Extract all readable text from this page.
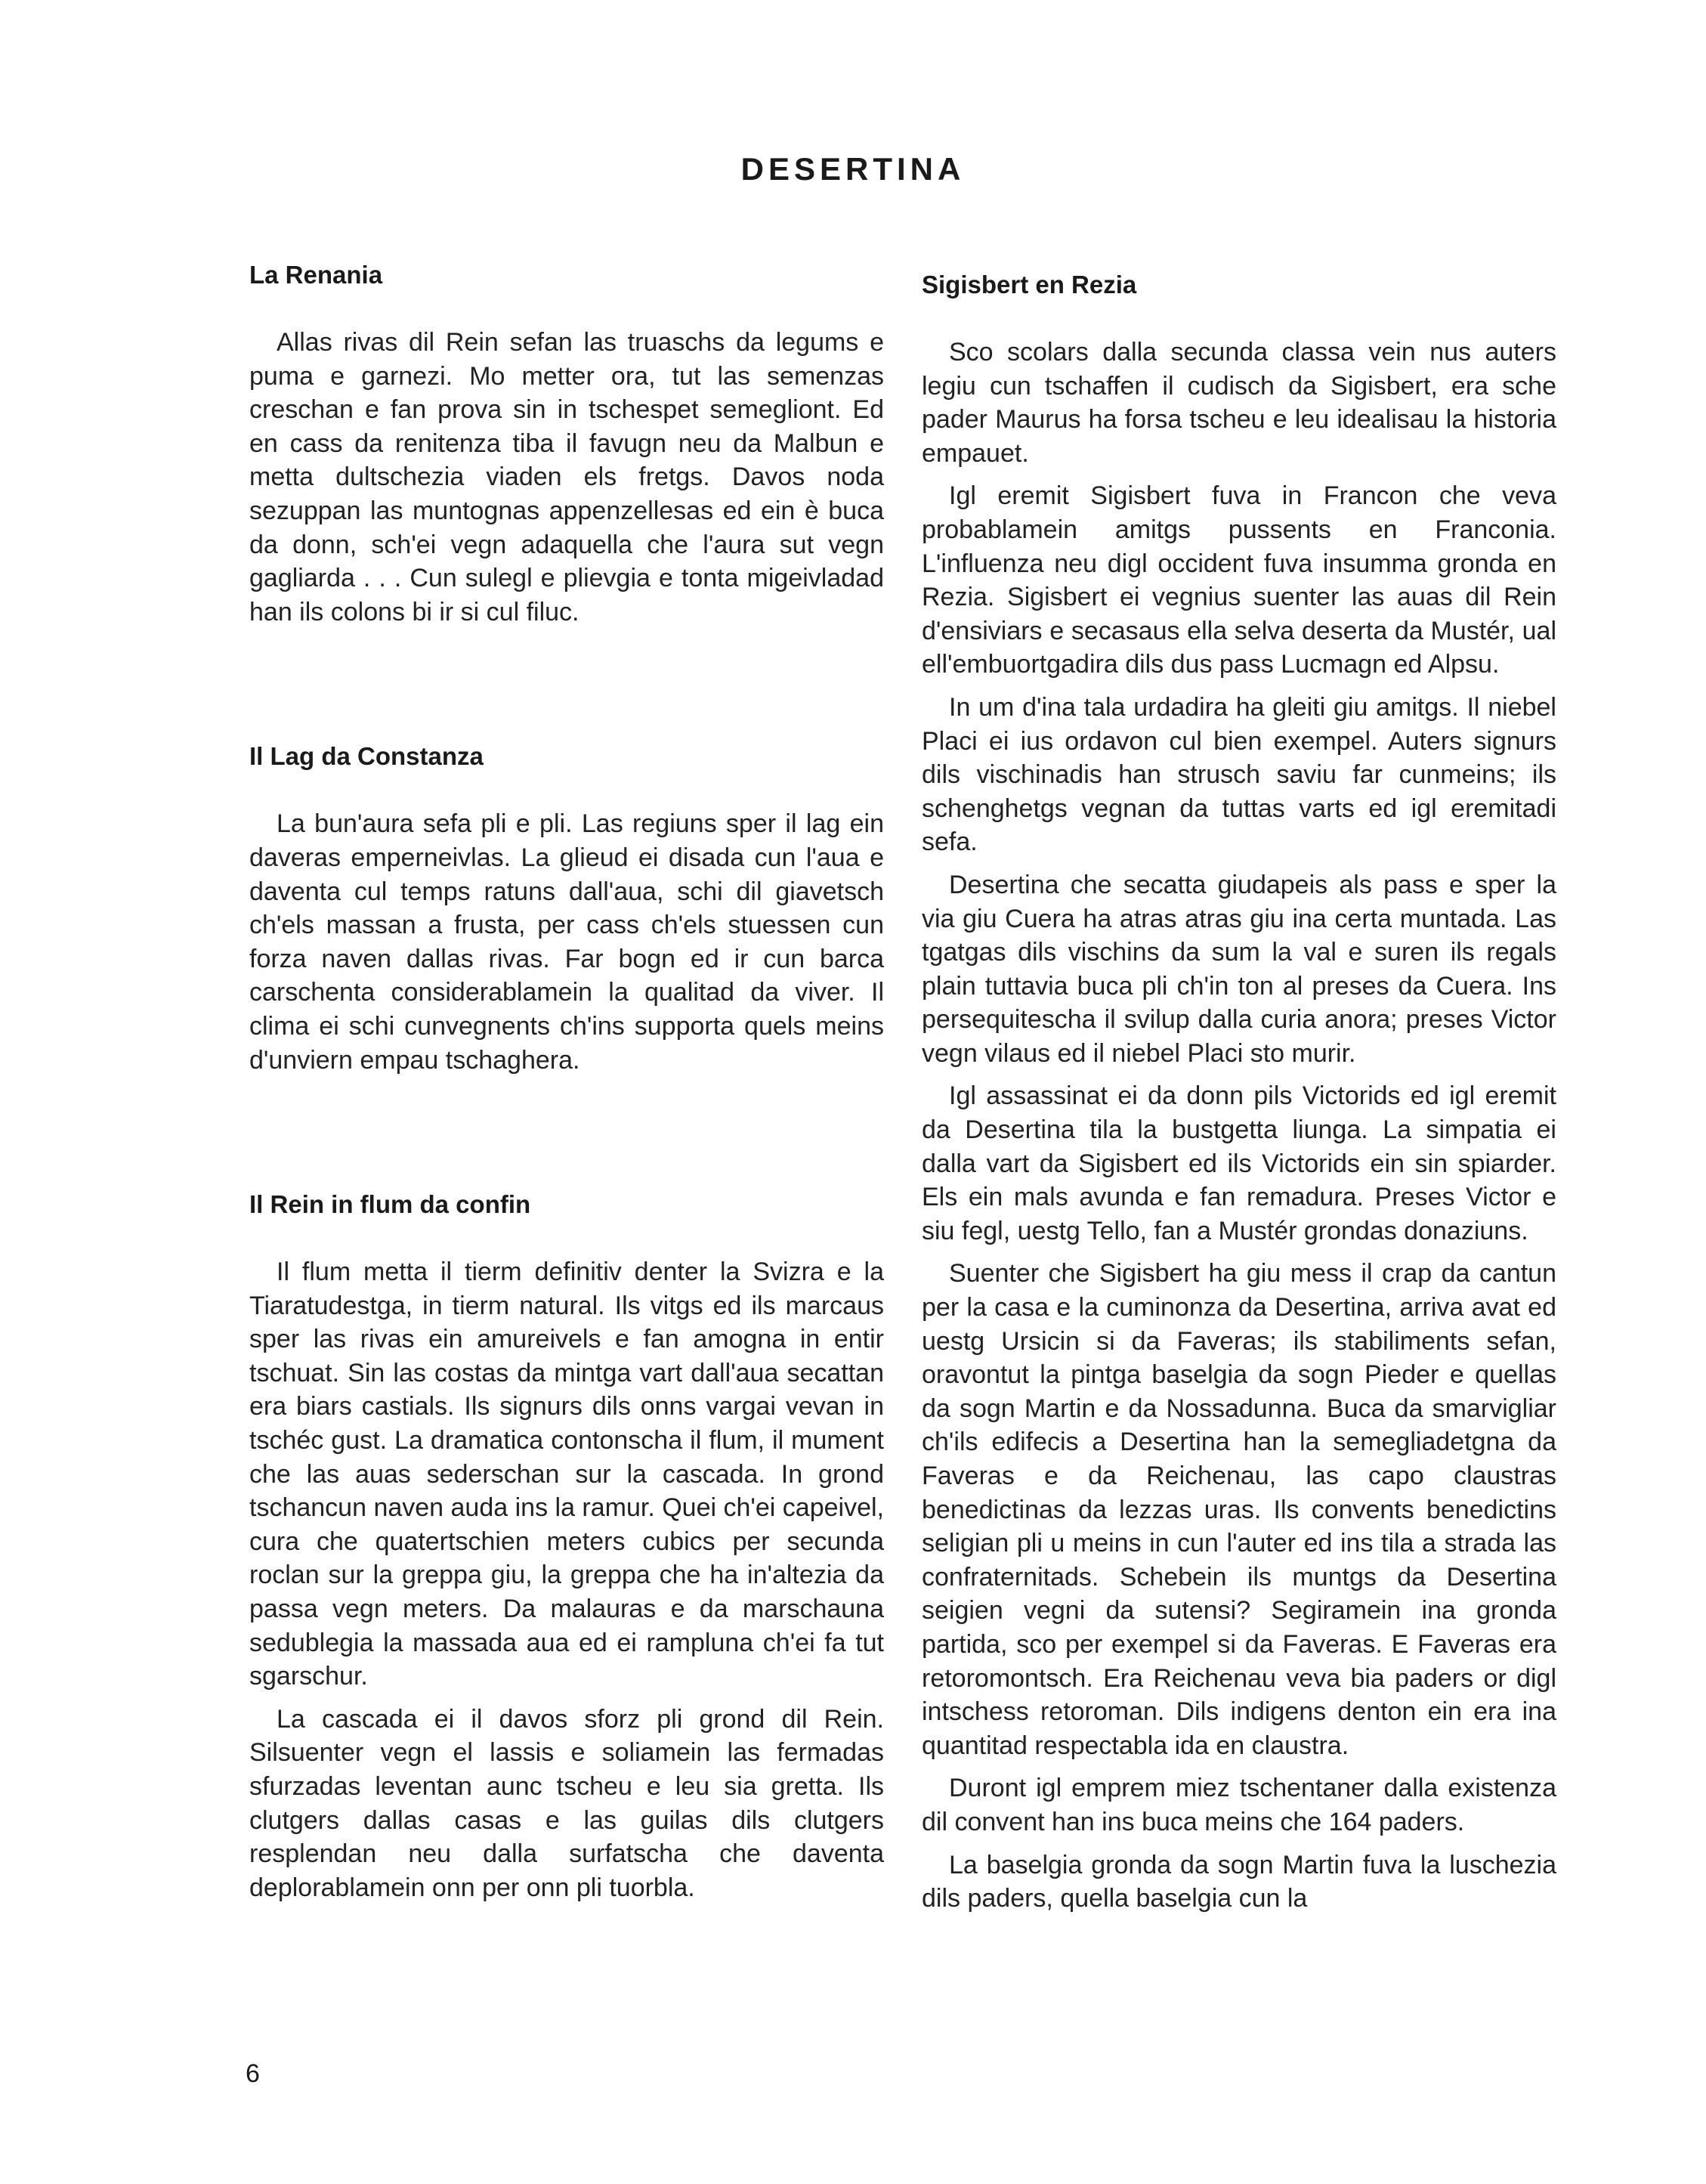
DESERTINA
La Renania

Allas rivas dil Rein sefan las truaschs da legums e puma e garnezi. Mo metter ora, tut las semenzas creschan e fan prova sin in tschespet semegliont. Ed en cass da renitenza tiba il favugn neu da Malbun e metta dultschezia viaden els fretgs. Davos noda sezuppan las muntognas appenzellesas ed ein è buca da donn, sch'ei vegn adaquella che l'aura sut vegn gagliarda . . . Cun sulegl e plievgia e tonta migeivladad han ils colons bi ir si cul filuc.

Il Lag da Constanza

La bun'aura sefa pli e pli. Las regiuns sper il lag ein daveras emperneivlas. La glieud ei disada cun l'aua e daventa cul temps ratuns dall'aua, schi dil giavetsch ch'els massan a frusta, per cass ch'els stuessen cun forza naven dallas rivas. Far bogn ed ir cun barca carschenta considerablamein la qualitad da viver. Il clima ei schi cunvegnents ch'ins supporta quels meins d'unviern empau tschaghera.

Il Rein in flum da confin

Il flum metta il tierm definitiv denter la Svizra e la Tiaratudestga, in tierm natural. Ils vitgs ed ils marcaus sper las rivas ein amureivels e fan amogna in entir tschuat. Sin las costas da mintga vart dall'aua secattan era biars castials. Ils signurs dils onns vargai vevan in tschéc gust. La dramatica contonscha il flum, il mument che las auas sederschan sur la cascada. In grond tschancun naven auda ins la ramur. Quei ch'ei capeivel, cura che quatertschien meters cubics per secunda roclan sur la greppa giu, la greppa che ha in'altezia da passa vegn meters. Da malauras e da marschauna sedublegia la massada aua ed ei rampluna ch'ei fa tut sgarschur.

La cascada ei il davos sforz pli grond dil Rein. Silsuenter vegn el lassis e soliamein las fermadas sfurzadas leventan aunc tscheu e leu sia gretta. Ils clutgers dallas casas e las guilas dils clutgers resplendan neu dalla surfatscha che daventa deplorablamein onn per onn pli tuorbla.

Sigisbert en Rezia

Sco scolars dalla secunda classa vein nus auters legiu cun tschaffen il cudisch da Sigisbert, era sche pader Maurus ha forsa tscheu e leu idealisau la historia empauet.

Igl eremit Sigisbert fuva in Francon che veva probablamein amitgs pussents en Franconia. L'influenza neu digl occident fuva insumma gronda en Rezia. Sigisbert ei vegnius suenter las auas dil Rein d'ensiviars e secasaus ella selva deserta da Mustér, ual ell'embuortgadira dils dus pass Lucmagn ed Alpsu.

In um d'ina tala urdadira ha gleiti giu amitgs. Il niebel Placi ei ius ordavon cul bien exempel. Auters signurs dils vischinadis han strusch saviu far cunmeins; ils schenghetgs vegnan da tuttas varts ed igl eremitadi sefa.

Desertina che secatta giudapeis als pass e sper la via giu Cuera ha atras atras giu ina certa muntada. Las tgatgas dils vischins da sum la val e suren ils regals plain tuttavia buca pli ch'in ton al preses da Cuera. Ins persequitescha il svilup dalla curia anora; preses Victor vegn vilaus ed il niebel Placi sto murir.

Igl assassinat ei da donn pils Victorids ed igl eremit da Desertina tila la bustgetta liunga. La simpatia ei dalla vart da Sigisbert ed ils Victorids ein sin spiarder. Els ein mals avunda e fan remadura. Preses Victor e siu fegl, uestg Tello, fan a Mustér grondas donaziuns.

Suenter che Sigisbert ha giu mess il crap da cantun per la casa e la cuminonza da Desertina, arriva avat ed uestg Ursicin si da Faveras; ils stabiliments sefan, oravontut la pintga baselgia da sogn Pieder e quellas da sogn Martin e da Nossadunna. Buca da smarvigliar ch'ils edifecis a Desertina han la semegliadetgna da Faveras e da Reichenau, las capo claustras benedictinas da lezzas uras. Ils convents benedictins seligian pli u meins in cun l'auter ed ins tila a strada las confraternitads. Schebein ils muntgs da Desertina seigien vegni da sutensi? Segiramein ina gronda partida, sco per exempel si da Faveras. E Faveras era retoromontsch. Era Reichenau veva bia paders or digl intschess retoroman. Dils indigens denton ein era ina quantitad respectabla ida en claustra.

Duront igl emprem miez tschentaner dalla existenza dil convent han ins buca meins che 164 paders.

La baselgia gronda da sogn Martin fuva la luschezia dils paders, quella baselgia cun la

6
